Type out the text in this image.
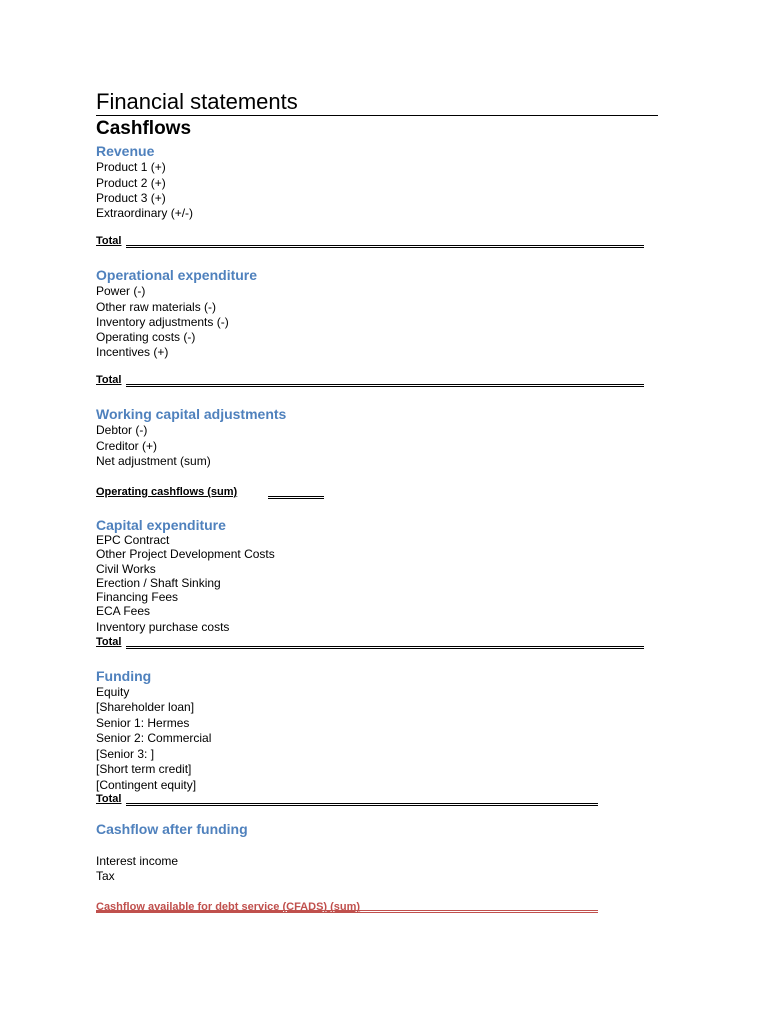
Financial statements
Cashflows
Revenue
Product 1 (+)
Product 2 (+)
Product 3 (+)
Extraordinary (+/-)
Total
Operational expenditure
Power (-)
Other raw materials (-)
Inventory adjustments (-)
Operating costs (-)
Incentives (+)
Total
Working capital adjustments
Debtor (-)
Creditor (+)
Net adjustment (sum)
Operating cashflows (sum)
Capital expenditure
EPC Contract
Other Project Development Costs
Civil Works
Erection / Shaft Sinking
Financing Fees
ECA Fees
Inventory purchase costs
Total
Funding
Equity
[Shareholder loan]
Senior 1: Hermes
Senior 2: Commercial
[Senior 3: ]
[Short term credit]
[Contingent equity]
Total
Cashflow after funding
Interest income
Tax
Cashflow available for debt service (CFADS) (sum)
